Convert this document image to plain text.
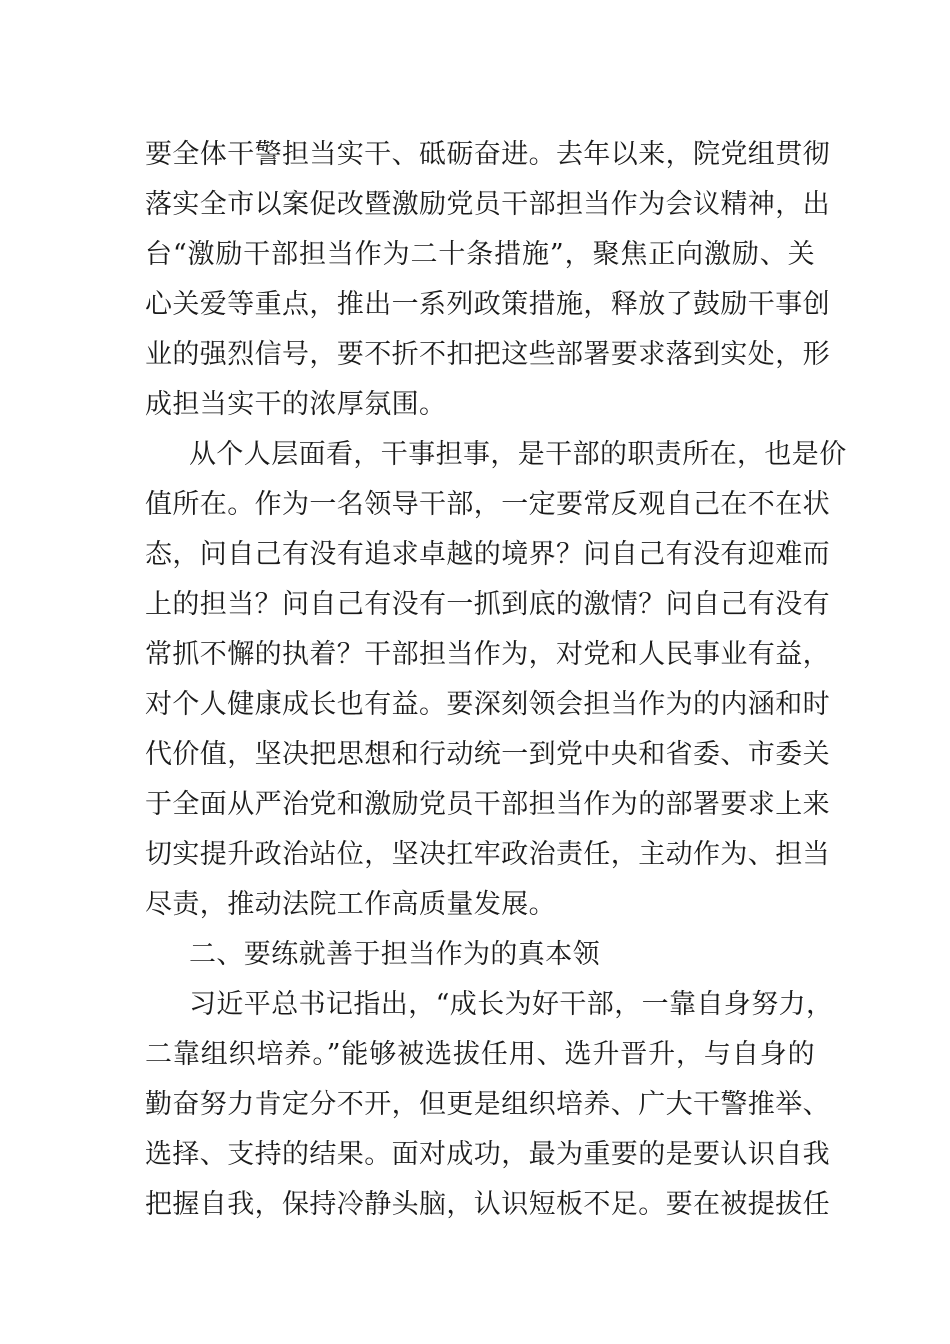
要全体干警担当实干、砥砺奋进。去年以来，院党组贯彻
落实全市以案促改暨激励党员干部担当作为会议精神，出
台“激励干部担当作为二十条措施”，聚焦正向激励、关
心关爱等重点，推出一系列政策措施，释放了鼓励干事创
业的强烈信号，要不折不扣把这些部署要求落到实处，形
成担当实干的浓厚氛围。
从个人层面看，干事担事，是干部的职责所在，也是价
值所在。作为一名领导干部，一定要常反观自己在不在状
态，问自己有没有追求卓越的境界？问自己有没有迎难而
上的担当？问自己有没有一抓到底的激情？问自己有没有
常抓不懈的执着？干部担当作为，对党和人民事业有益，
对个人健康成长也有益。要深刻领会担当作为的内涵和时
代价值，坚决把思想和行动统一到党中央和省委、市委关
于全面从严治党和激励党员干部担当作为的部署要求上来
切实提升政治站位，坚决扛牢政治责任，主动作为、担当
尽责，推动法院工作高质量发展。
二、要练就善于担当作为的真本领
习近平总书记指出，“成长为好干部，一靠自身努力，
二靠组织培养。”能够被选拔任用、选升晋升，与自身的
勤奋努力肯定分不开，但更是组织培养、广大干警推举、
选择、支持的结果。面对成功，最为重要的是要认识自我
把握自我，保持冷静头脑，认识短板不足。要在被提拔任
